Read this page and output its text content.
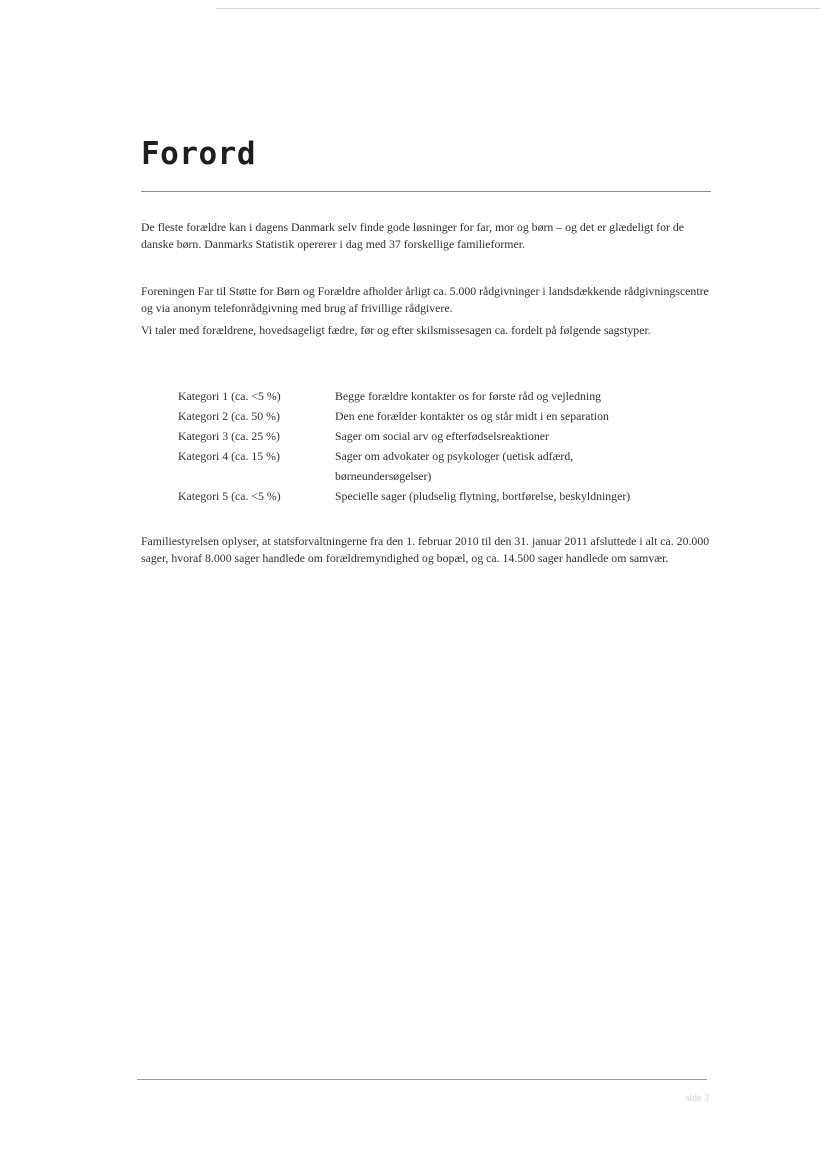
Forord

De fleste forældre kan i dagens Danmark selv finde gode løsninger for far, mor og børn – og det er glædeligt for de danske børn. Danmarks Statistik opererer i dag med 37 forskellige familieformer.

Foreningen Far til Støtte for Børn og Forældre afholder årligt ca. 5.000 rådgivninger i landsdækkende rådgivningscentre og via anonym telefonrådgivning med brug af frivillige rådgivere.

Vi taler med forældrene, hovedsageligt fædre, før og efter skilsmissesagen ca. fordelt på følgende sagstyper.

Kategori 1 (ca. <5 %)	Begge forældre kontakter os for første råd og vejledning
Kategori 2 (ca. 50 %)	Den ene forælder kontakter os og står midt i en separation
Kategori 3 (ca. 25 %)	Sager om social arv og efterfødselsreaktioner
Kategori 4 (ca. 15 %)	Sager om advokater og psykologer (uetisk adfærd, børneundersøgelser)
Kategori 5 (ca. <5 %)	Specielle sager (pludselig flytning, bortførelse, beskyldninger)

Familiestyrelsen oplyser, at statsforvaltningerne fra den 1. februar 2010 til den 31. januar 2011 afsluttede i alt ca. 20.000 sager, hvoraf 8.000 sager handlede om forældremyndighed og bopæl, og ca. 14.500 sager handlede om samvær.

side 3
